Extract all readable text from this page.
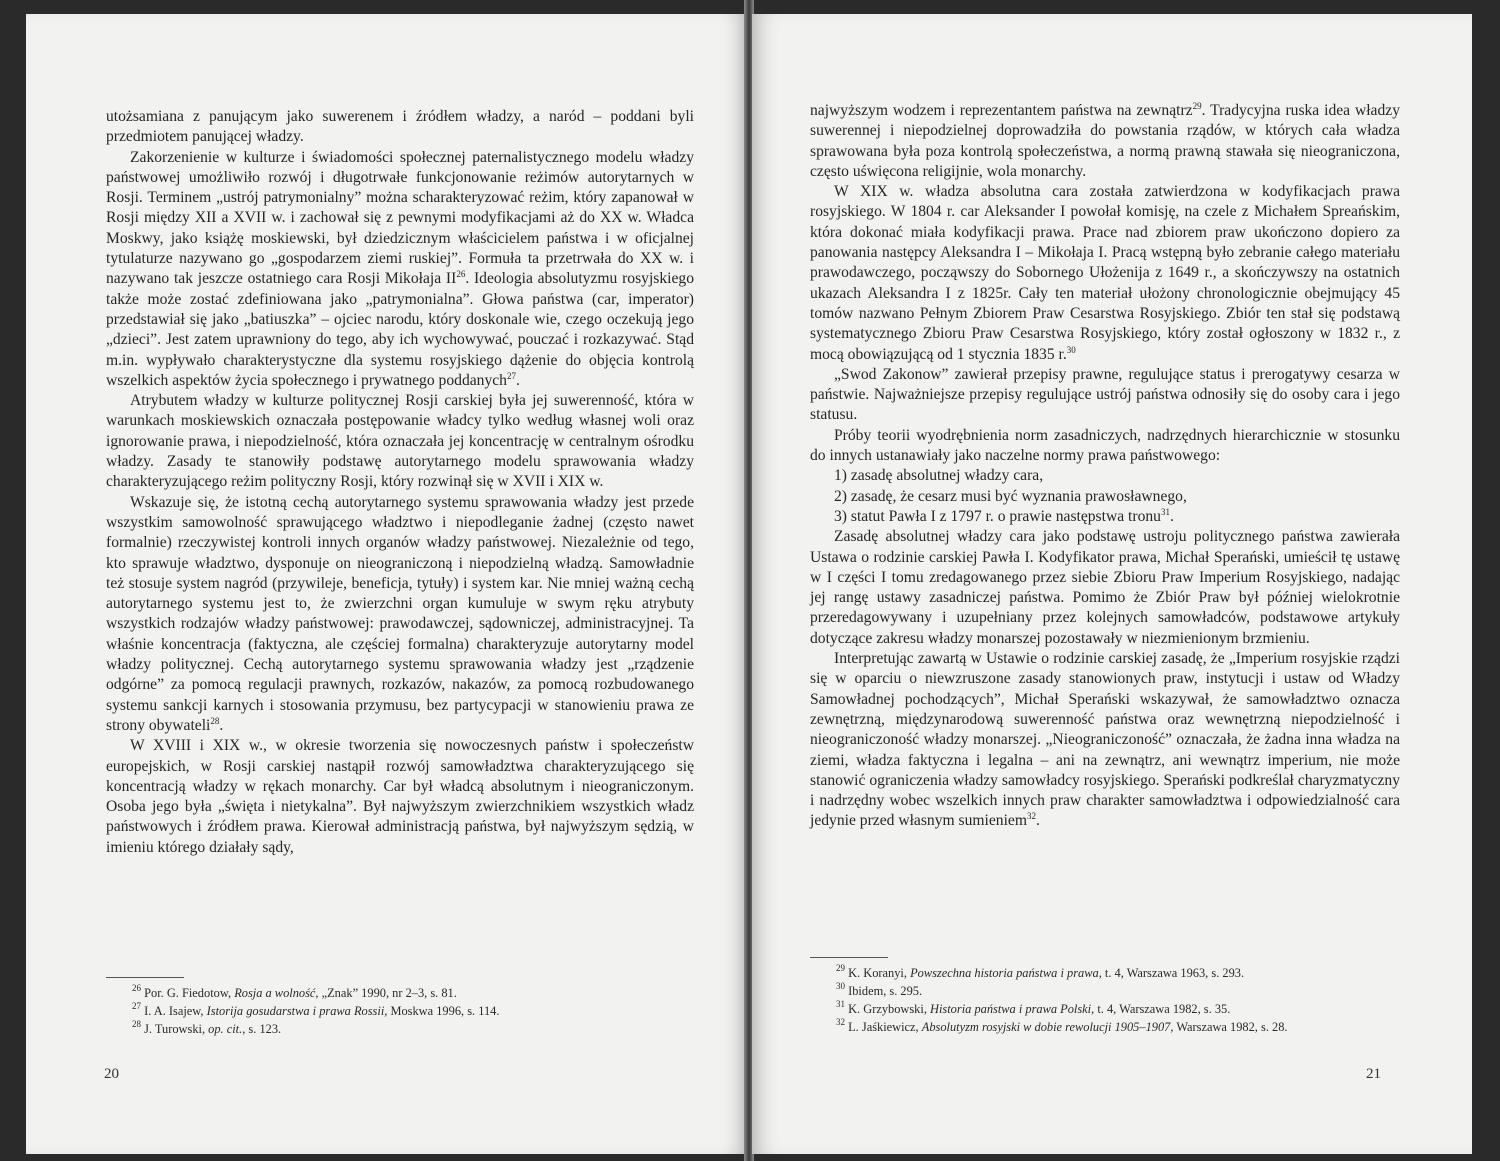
utożsamiana z panującym jako suwerenem i źródłem władzy, a naród – poddani byli przedmiotem panującej władzy.

Zakorzenienie w kulturze i świadomości społecznej paternalistycznego modelu władzy państwowej umożliwiło rozwój i długotrwałe funkcjonowanie reżimów autorytarnych w Rosji. Terminem „ustrój patrymonialny” można scharakteryzować reżim, który zapanował w Rosji między XII a XVII w. i zachował się z pewnymi modyfikacjami aż do XX w. Władca Moskwy, jako książę moskiewski, był dziedzicznym właścicielem państwa i w oficjalnej tytulaturze nazywano go „gospodarzem ziemi ruskiej”. Formuła ta przetrwała do XX w. i nazywano tak jeszcze ostatniego cara Rosji Mikołaja II$^{26}$. Ideologia absolutyzmu rosyjskiego także może zostać zdefiniowana jako „patrymonialna”. Głowa państwa (car, imperator) przedstawiał się jako „batiuszka” – ojciec narodu, który doskonale wie, czego oczekują jego „dzieci”. Jest zatem uprawniony do tego, aby ich wychowywać, pouczać i rozkazywać. Stąd m.in. wypływało charakterystyczne dla systemu rosyjskiego dążenie do objęcia kontrolą wszelkich aspektów życia społecznego i prywatnego poddanych$^{27}$.

Atrybutem władzy w kulturze politycznej Rosji carskiej była jej suwerenność, która w warunkach moskiewskich oznaczała postępowanie władcy tylko według własnej woli oraz ignorowanie prawa, i niepodzielność, która oznaczała jej koncentrację w centralnym ośrodku władzy. Zasady te stanowiły podstawę autorytarnego modelu sprawowania władzy charakteryzującego reżim polityczny Rosji, który rozwinął się w XVII i XIX w.

Wskazuje się, że istotną cechą autorytarnego systemu sprawowania władzy jest przede wszystkim samowolność sprawującego władztwo i niepodleganie żadnej (często nawet formalnie) rzeczywistej kontroli innych organów władzy państwowej. Niezależnie od tego, kto sprawuje władztwo, dysponuje on nieograniczoną i niepodzielną władzą. Samowładnie też stosuje system nagród (przywileje, beneficja, tytuły) i system kar. Nie mniej ważną cechą autorytarnego systemu jest to, że zwierzchni organ kumuluje w swym ręku atrybuty wszystkich rodzajów władzy państwowej: prawodawczej, sądowniczej, administracyjnej. Ta właśnie koncentracja (faktyczna, ale częściej formalna) charakteryzuje autorytarny model władzy politycznej. Cechą autorytarnego systemu sprawowania władzy jest „rządzenie odgórne” za pomocą regulacji prawnych, rozkazów, nakazów, za pomocą rozbudowanego systemu sankcji karnych i stosowania przymusu, bez partycypacji w stanowieniu prawa ze strony obywateli$^{28}$.

W XVIII i XIX w., w okresie tworzenia się nowoczesnych państw i społeczeństw europejskich, w Rosji carskiej nastąpił rozwój samowładztwa charakteryzującego się koncentracją władzy w rękach monarchy. Car był władcą absolutnym i nieograniczonym. Osoba jego była „święta i nietykalna”. Był najwyższym zwierzchnikiem wszystkich władz państwowych i źródłem prawa. Kierował administracją państwa, był najwyższym sędzią, w imieniu którego działały sądy,

$^{26}$ Por. G. Fiedotow, Rosja a wolność, „Znak” 1990, nr 2–3, s. 81.
$^{27}$ I. A. Isajew, Istorija gosudarstwa i prawa Rossii, Moskwa 1996, s. 114.
$^{28}$ J. Turowski, op. cit., s. 123.
20

najwyższym wodzem i reprezentantem państwa na zewnątrz$^{29}$. Tradycyjna ruska idea władzy suwerennej i niepodzielnej doprowadziła do powstania rządów, w których cała władza sprawowana była poza kontrolą społeczeństwa, a normą prawną stawała się nieograniczona, często uświęcona religijnie, wola monarchy.

W XIX w. władza absolutna cara została zatwierdzona w kodyfikacjach prawa rosyjskiego. W 1804 r. car Aleksander I powołał komisję, na czele z Michałem Spreańskim, która dokonać miała kodyfikacji prawa. Prace nad zbiorem praw ukończono dopiero za panowania następcy Aleksandra I – Mikołaja I. Pracą wstępną było zebranie całego materiału prawodawczego, począwszy do Sobornego Ułożenija z 1649 r., a skończywszy na ostatnich ukazach Aleksandra I z 1825r. Cały ten materiał ułożony chronologicznie obejmujący 45 tomów nazwano Pełnym Zbiorem Praw Cesarstwa Rosyjskiego. Zbiór ten stał się podstawą systematycznego Zbioru Praw Cesarstwa Rosyjskiego, który został ogłoszony w 1832 r., z mocą obowiązującą od 1 stycznia 1835 r.$^{30}$

„Swod Zakonow” zawierał przepisy prawne, regulujące status i prerogatywy cesarza w państwie. Najważniejsze przepisy regulujące ustrój państwa odnosiły się do osoby cara i jego statusu.

Próby teorii wyodrębnienia norm zasadniczych, nadrzędnych hierarchicznie w stosunku do innych ustanawiały jako naczelne normy prawa państwowego:

1) zasadę absolutnej władzy cara,

2) zasadę, że cesarz musi być wyznania prawosławnego,

3) statut Pawła I z 1797 r. o prawie następstwa tronu$^{31}$.

Zasadę absolutnej władzy cara jako podstawę ustroju politycznego państwa zawierała Ustawa o rodzinie carskiej Pawła I. Kodyfikator prawa, Michał Sperański, umieścił tę ustawę w I części I tomu zredagowanego przez siebie Zbioru Praw Imperium Rosyjskiego, nadając jej rangę ustawy zasadniczej państwa. Pomimo że Zbiór Praw był później wielokrotnie przeredagowywany i uzupełniany przez kolejnych samowładców, podstawowe artykuły dotyczące zakresu władzy monarszej pozostawały w niezmienionym brzmieniu.

Interpretując zawartą w Ustawie o rodzinie carskiej zasadę, że „Imperium rosyjskie rządzi się w oparciu o niewzruszone zasady stanowionych praw, instytucji i ustaw od Władzy Samowładnej pochodzących”, Michał Sperański wskazywał, że samowładztwo oznacza zewnętrzną, międzynarodową suwerenność państwa oraz wewnętrzną niepodzielność i nieograniczoność władzy monarszej. „Nieograniczoność” oznaczała, że żadna inna władza na ziemi, władza faktyczna i legalna – ani na zewnątrz, ani wewnątrz imperium, nie może stanowić ograniczenia władzy samowładcy rosyjskiego. Sperański podkreślał charyzmatyczny i nadrzędny wobec wszelkich innych praw charakter samowładztwa i odpowiedzialność cara jedynie przed własnym sumieniem$^{32}$.

$^{29}$ K. Koranyi, Powszechna historia państwa i prawa, t. 4, Warszawa 1963, s. 293.
$^{30}$ Ibidem, s. 295.
$^{31}$ K. Grzybowski, Historia państwa i prawa Polski, t. 4, Warszawa 1982, s. 35.
$^{32}$ L. Jaśkiewicz, Absolutyzm rosyjski w dobie rewolucji 1905–1907, Warszawa 1982, s. 28.
21
